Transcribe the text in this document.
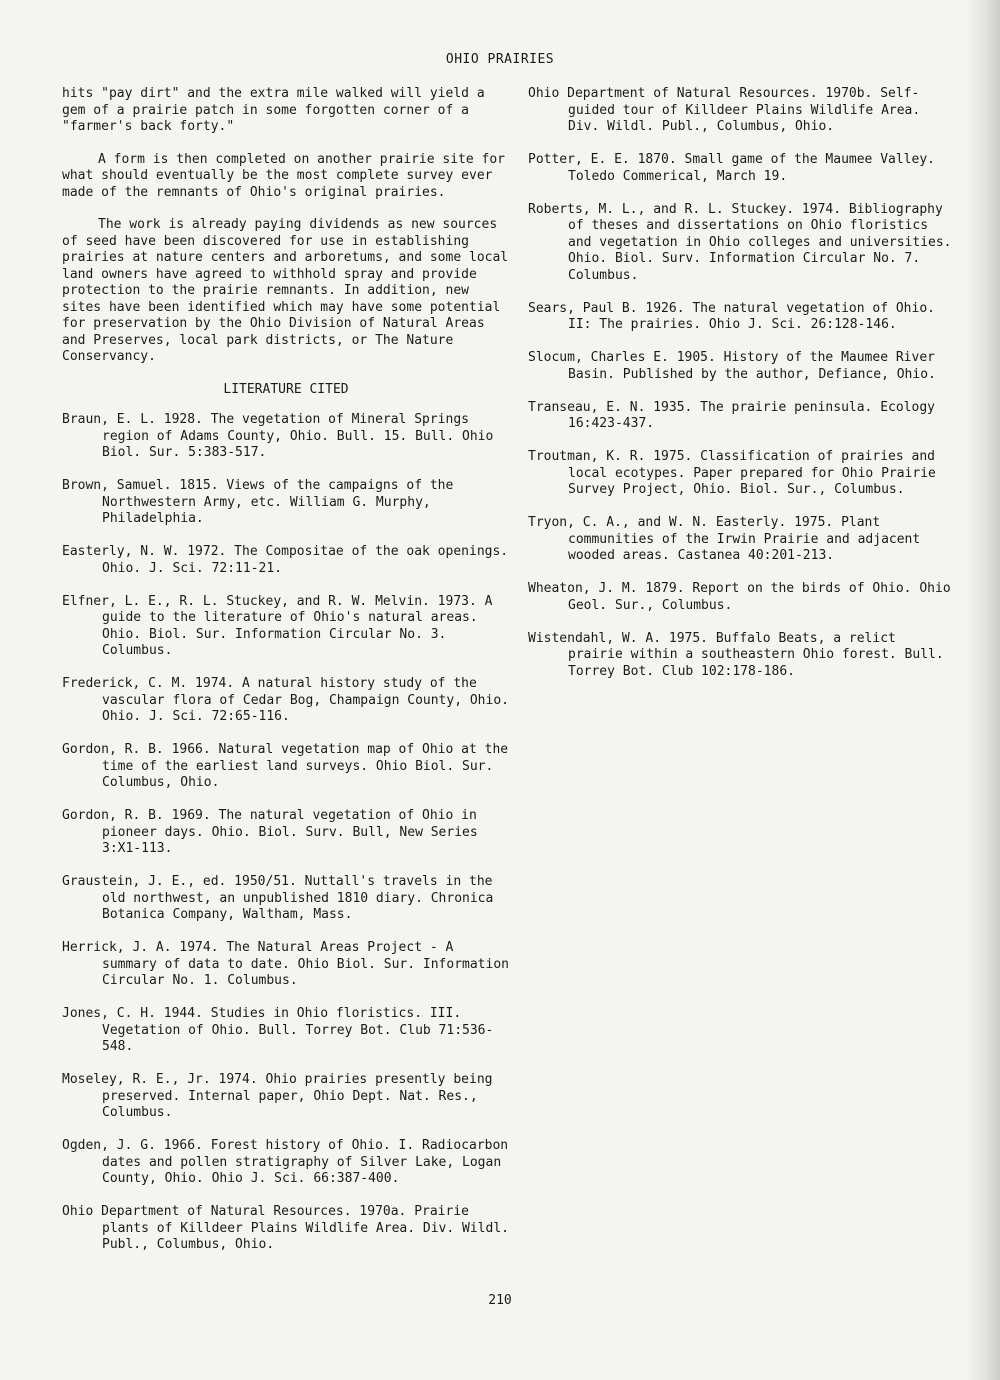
OHIO PRAIRIES

hits "pay dirt" and the extra mile walked will yield a gem of a prairie patch in some forgotten corner of a "farmer's back forty."

A form is then completed on another prairie site for what should eventually be the most complete survey ever made of the remnants of Ohio's original prairies.

The work is already paying dividends as new sources of seed have been discovered for use in establishing prairies at nature centers and arboretums, and some local land owners have agreed to withhold spray and provide protection to the prairie remnants. In addition, new sites have been identified which may have some potential for preservation by the Ohio Division of Natural Areas and Preserves, local park districts, or The Nature Conservancy.

LITERATURE CITED

Braun, E. L. 1928. The vegetation of Mineral Springs region of Adams County, Ohio. Bull. 15. Bull. Ohio Biol. Sur. 5:383-517.

Brown, Samuel. 1815. Views of the campaigns of the Northwestern Army, etc. William G. Murphy, Philadelphia.

Easterly, N. W. 1972. The Compositae of the oak openings. Ohio. J. Sci. 72:11-21.

Elfner, L. E., R. L. Stuckey, and R. W. Melvin. 1973. A guide to the literature of Ohio's natural areas. Ohio. Biol. Sur. Information Circular No. 3. Columbus.

Frederick, C. M. 1974. A natural history study of the vascular flora of Cedar Bog, Champaign County, Ohio. Ohio. J. Sci. 72:65-116.

Gordon, R. B. 1966. Natural vegetation map of Ohio at the time of the earliest land surveys. Ohio Biol. Sur. Columbus, Ohio.

Gordon, R. B. 1969. The natural vegetation of Ohio in pioneer days. Ohio. Biol. Surv. Bull, New Series 3:X1-113.

Graustein, J. E., ed. 1950/51. Nuttall's travels in the old northwest, an unpublished 1810 diary. Chronica Botanica Company, Waltham, Mass.

Herrick, J. A. 1974. The Natural Areas Project - A summary of data to date. Ohio Biol. Sur. Information Circular No. 1. Columbus.

Jones, C. H. 1944. Studies in Ohio floristics. III. Vegetation of Ohio. Bull. Torrey Bot. Club 71:536-548.

Moseley, R. E., Jr. 1974. Ohio prairies presently being preserved. Internal paper, Ohio Dept. Nat. Res., Columbus.

Ogden, J. G. 1966. Forest history of Ohio. I. Radiocarbon dates and pollen stratigraphy of Silver Lake, Logan County, Ohio. Ohio J. Sci. 66:387-400.

Ohio Department of Natural Resources. 1970a. Prairie plants of Killdeer Plains Wildlife Area. Div. Wildl. Publ., Columbus, Ohio.

Ohio Department of Natural Resources. 1970b. Self-guided tour of Killdeer Plains Wildlife Area. Div. Wildl. Publ., Columbus, Ohio.

Potter, E. E. 1870. Small game of the Maumee Valley. Toledo Commerical, March 19.

Roberts, M. L., and R. L. Stuckey. 1974. Bibliography of theses and dissertations on Ohio floristics and vegetation in Ohio colleges and universities. Ohio. Biol. Surv. Information Circular No. 7. Columbus.

Sears, Paul B. 1926. The natural vegetation of Ohio. II: The prairies. Ohio J. Sci. 26:128-146.

Slocum, Charles E. 1905. History of the Maumee River Basin. Published by the author, Defiance, Ohio.

Transeau, E. N. 1935. The prairie peninsula. Ecology 16:423-437.

Troutman, K. R. 1975. Classification of prairies and local ecotypes. Paper prepared for Ohio Prairie Survey Project, Ohio. Biol. Sur., Columbus.

Tryon, C. A., and W. N. Easterly. 1975. Plant communities of the Irwin Prairie and adjacent wooded areas. Castanea 40:201-213.

Wheaton, J. M. 1879. Report on the birds of Ohio. Ohio Geol. Sur., Columbus.

Wistendahl, W. A. 1975. Buffalo Beats, a relict prairie within a southeastern Ohio forest. Bull. Torrey Bot. Club 102:178-186.

210
